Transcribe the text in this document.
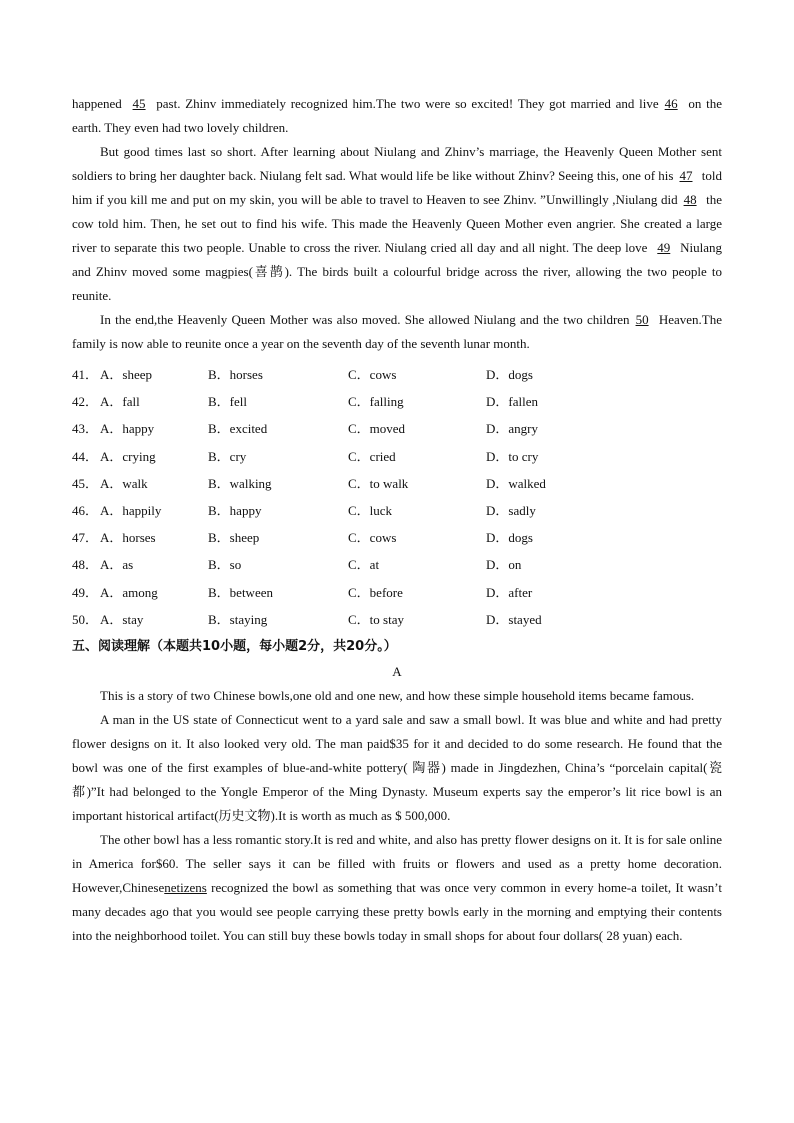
happened 45 past. Zhinv immediately recognized him.The two were so excited! They got married and live 46 on the earth. They even had two lovely children.

But good times last so short. After learning about Niulang and Zhinv’s marriage, the Heavenly Queen Mother sent soldiers to bring her daughter back. Niulang felt sad. What would life be like without Zhinv? Seeing this, one of his 47 told him if you kill me and put on my skin, you will be able to travel to Heaven to see Zhinv. ”Unwillingly ,Niulang did 48 the cow told him. Then, he set out to find his wife. This made the Heavenly Queen Mother even angrier. She created a large river to separate this two people. Unable to cross the river. Niulang cried all day and all night. The deep love 49 Niulang and Zhinv moved some magpies(喜鹊). The birds built a colourful bridge across the river, allowing the two people to reunite.

In the end,the Heavenly Queen Mother was also moved. She allowed Niulang and the two children 50 Heaven.The family is now able to reunite once a year on the seventh day of the seventh lunar month.

41． A．sheep	B．horses	C．cows	D．dogs
42． A．fall	B．fell	C．falling	D．fallen
43． A．happy	B．excited	C．moved	D．angry
44． A．crying	B．cry	C．cried	D．to cry
45． A．walk	B．walking	C．to walk	D．walked
46． A．happily	B．happy	C．luck	D．sadly
47． A．horses	B．sheep	C．cows	D．dogs
48． A．as	B．so	C．at	D．on
49． A．among	B．between	C．before	D．after
50． A．stay	B．staying	C．to stay	D．stayed
五、阅读理解（本题共10小题，每小题2分，共20分。）
A

This is a story of two Chinese bowls,one old and one new, and how these simple household items became famous.

A man in the US state of Connecticut went to a yard sale and saw a small bowl. It was blue and white and had pretty flower designs on it. It also looked very old. The man paid$35 for it and decided to do some research. He found that the bowl was one of the first examples of blue-and-white pottery( 陶器) made in Jingdezhen, China’s “porcelain capital(瓷都)”It had belonged to the Yongle Emperor of the Ming Dynasty. Museum experts say the emperor’s lit rice bowl is an important historical artifact(历史文物).It is worth as much as $ 500,000.

The other bowl has a less romantic story.It is red and white, and also has pretty flower designs on it. It is for sale online in America for$60. The seller says it can be filled with fruits or flowers and used as a pretty home decoration. However,Chinesenetizens recognized the bowl as something that was once very common in every home-a toilet, It wasn’t many decades ago that you would see people carrying these pretty bowls early in the morning and emptying their contents into the neighborhood toilet. You can still buy these bowls today in small shops for about four dollars( 28 yuan) each.
